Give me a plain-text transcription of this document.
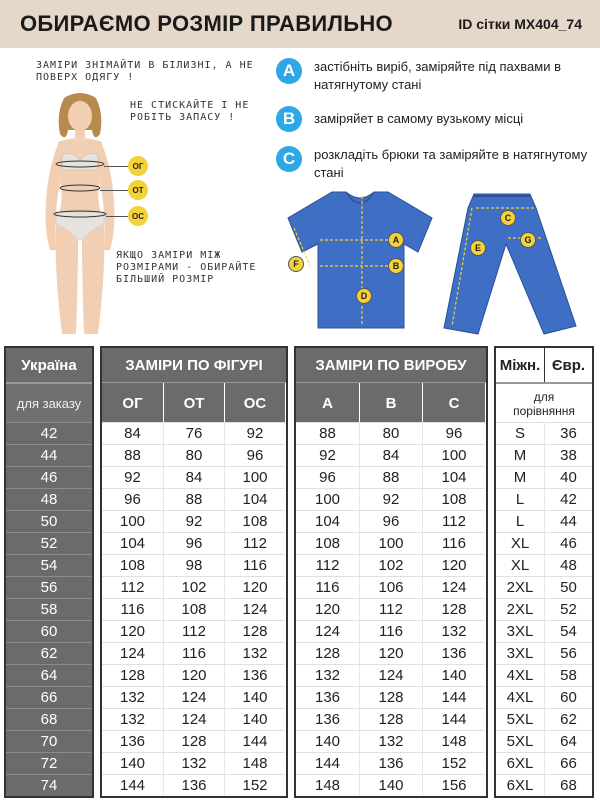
ОБИРАЄМО РОЗМІР ПРАВИЛЬНО	ID сітки MX404_74
ЗАМІРИ ЗНІМАЙТИ В БІЛИЗНІ, А НЕ ПОВЕРХ ОДЯГУ !
НЕ СТИСКАЙТЕ І НЕ РОБІТЬ ЗАПАСУ !
ЯКЩО ЗАМІРИ МІЖ РОЗМІРАМИ - ОБИРАЙТЕ БІЛЬШИЙ РОЗМІР
ОГ
ОТ
ОС
A	застібніть виріб, заміряйте під пахвами в натягнутому стані
B	заміряйет в самому вузькому місці
C	розкладіть брюки та заміряйте в натягнутому стані
A
B
D
F
C
E
G
Україна
для заказу
42
44
46
48
50
52
54
56
58
60
62
64
66
68
70
72
74
ЗАМІРИ ПО ФІГУРІ
ОГ	ОТ	ОС
84	76	92
88	80	96
92	84	100
96	88	104
100	92	108
104	96	112
108	98	116
112	102	120
116	108	124
120	112	128
124	116	132
128	120	136
132	124	140
132	124	140
136	128	144
140	132	148
144	136	152
ЗАМІРИ ПО ВИРОБУ
A	B	C
88	80	96
92	84	100
96	88	104
100	92	108
104	96	112
108	100	116
112	102	120
116	106	124
120	112	128
124	116	132
128	120	136
132	124	140
136	128	144
136	128	144
140	132	148
144	136	152
148	140	156
Міжн. Євр.
для порівняння
S	36
M	38
M	40
L	42
L	44
XL	46
XL	48
2XL	50
2XL	52
3XL	54
3XL	56
4XL	58
4XL	60
5XL	62
5XL	64
6XL	66
6XL	68
